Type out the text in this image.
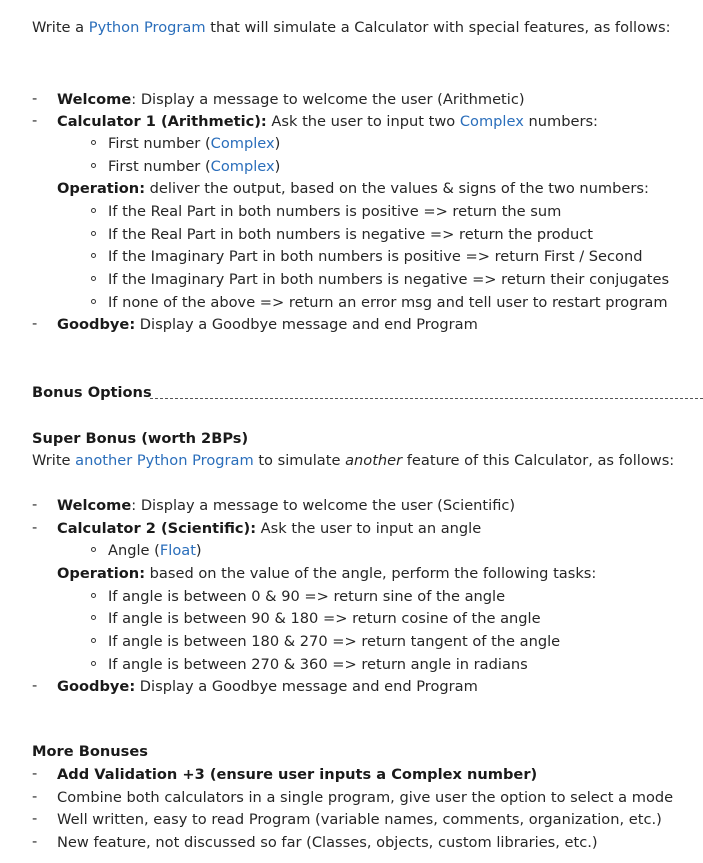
Write a Python Program that will simulate a Calculator with special features, as follows:
- Welcome: Display a message to welcome the user (Arithmetic)
- Calculator 1 (Arithmetic): Ask the user to input two Complex numbers:
First number (Complex)
First number (Complex)
Operation: deliver the output, based on the values & signs of the two numbers:
If the Real Part in both numbers is positive => return the sum
If the Real Part in both numbers is negative => return the product
If the Imaginary Part in both numbers is positive => return First / Second
If the Imaginary Part in both numbers is negative => return their conjugates
If none of the above => return an error msg and tell user to restart program
- Goodbye: Display a Goodbye message and end Program
Bonus Options
Super Bonus (worth 2BPs)
Write another Python Program to simulate another feature of this Calculator, as follows:
- Welcome: Display a message to welcome the user (Scientific)
- Calculator 2 (Scientific): Ask the user to input an angle
Angle (Float)
Operation: based on the value of the angle, perform the following tasks:
If angle is between 0 & 90 => return sine of the angle
If angle is between 90 & 180 => return cosine of the angle
If angle is between 180 & 270 => return tangent of the angle
If angle is between 270 & 360 => return angle in radians
- Goodbye: Display a Goodbye message and end Program
More Bonuses
- Add Validation +3 (ensure user inputs a Complex number)
- Combine both calculators in a single program, give user the option to select a mode
- Well written, easy to read Program (variable names, comments, organization, etc.)
- New feature, not discussed so far (Classes, objects, custom libraries, etc.)
